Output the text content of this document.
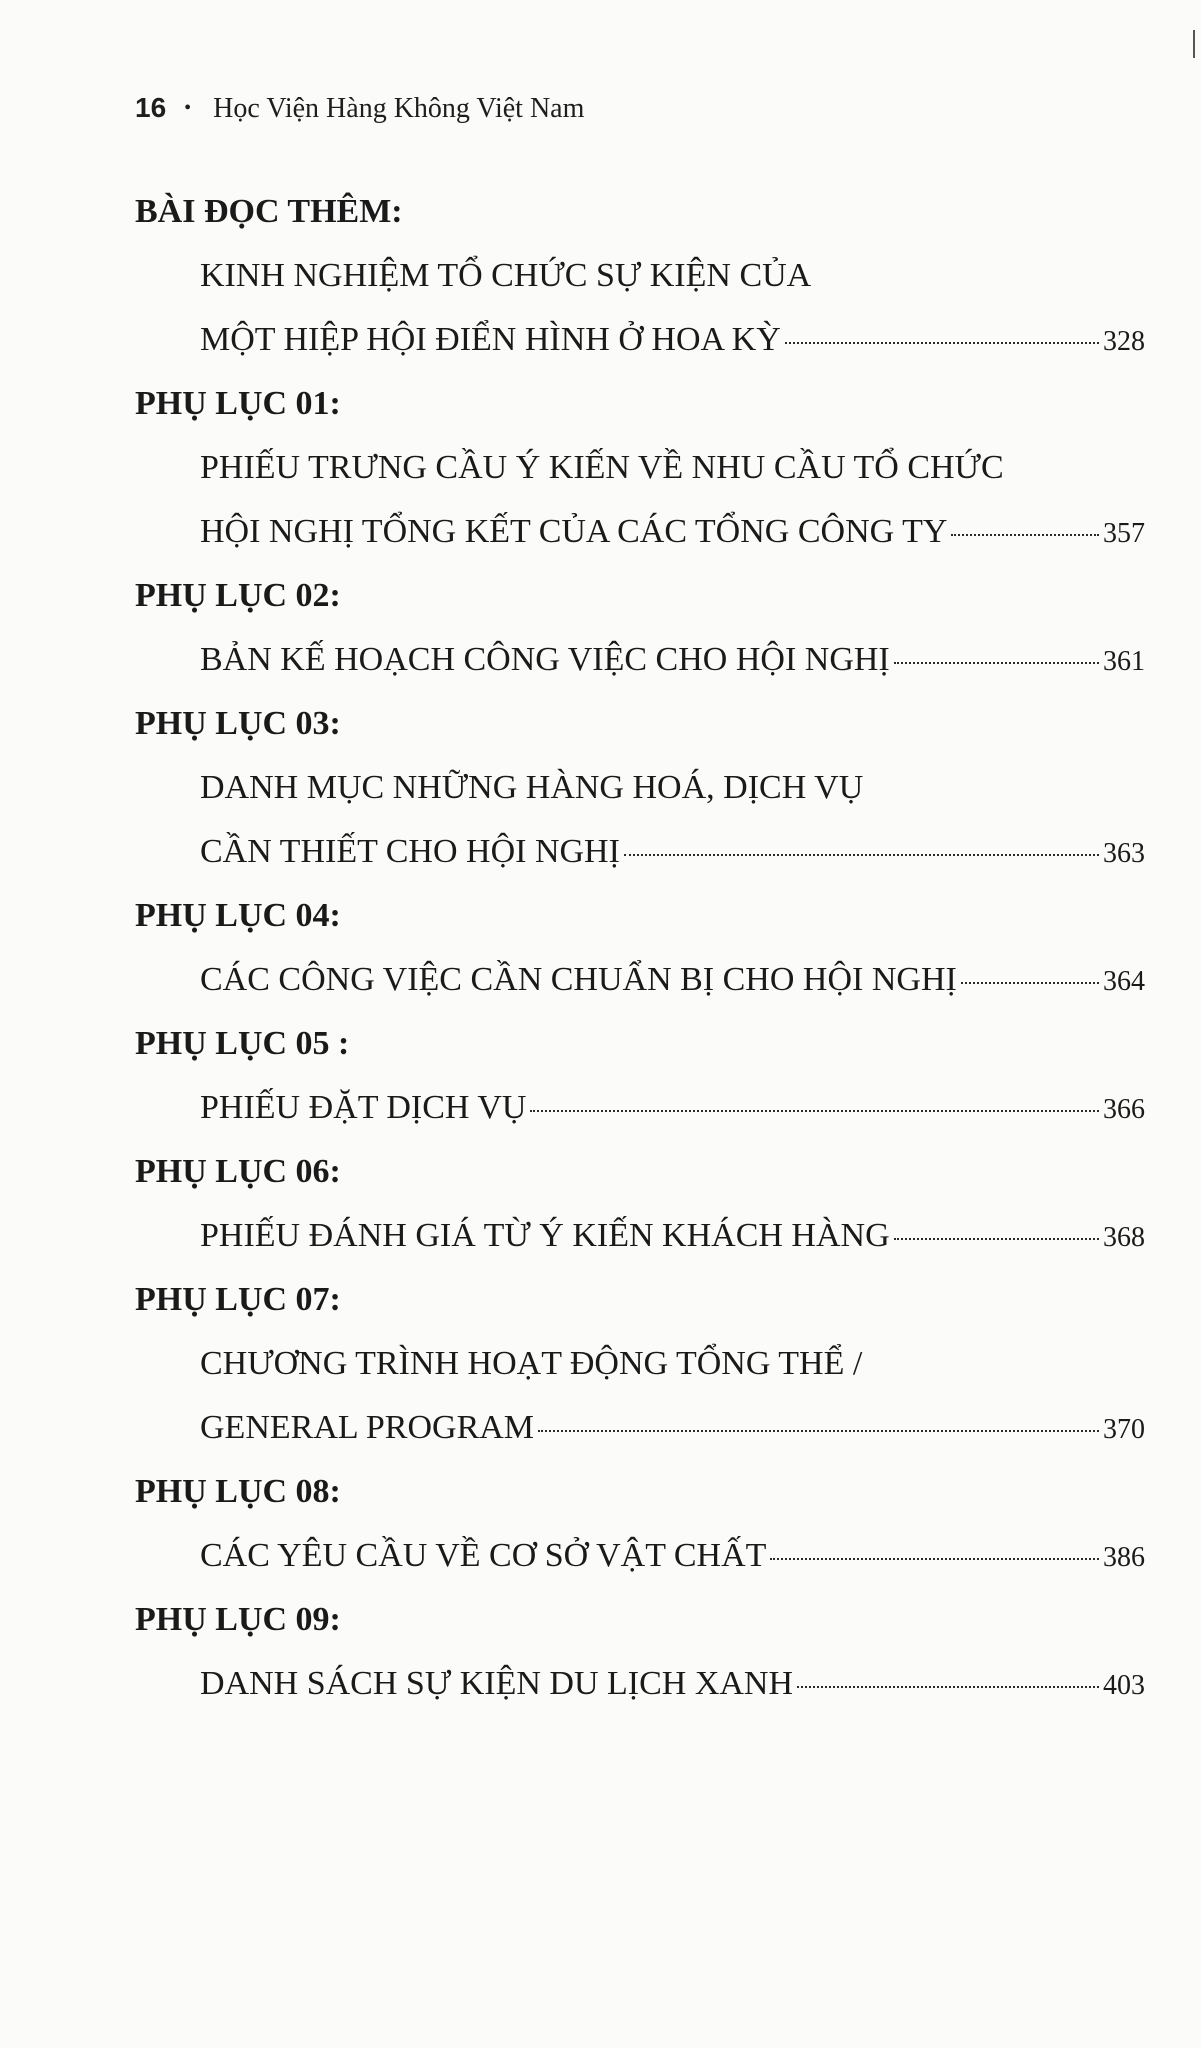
16 • Học Viện Hàng Không Việt Nam
BÀI ĐỌC THÊM:
KINH NGHIỆM TỔ CHỨC SỰ KIỆN CỦA
MỘT HIỆP HỘI ĐIỂN HÌNH Ở HOA KỲ	328
PHỤ LỤC 01:
PHIẾU TRƯNG CẦU Ý KIẾN VỀ NHU CẦU TỔ CHỨC
HỘI NGHỊ TỔNG KẾT CỦA CÁC TỔNG CÔNG TY	357
PHỤ LỤC 02:
BẢN KẾ HOẠCH CÔNG VIỆC CHO HỘI NGHỊ	361
PHỤ LỤC 03:
DANH MỤC NHỮNG HÀNG HOÁ, DỊCH VỤ
CẦN THIẾT CHO HỘI NGHỊ	363
PHỤ LỤC 04:
CÁC CÔNG VIỆC CẦN CHUẨN BỊ CHO HỘI NGHỊ	364
PHỤ LỤC 05 :
PHIẾU ĐẶT DỊCH VỤ	366
PHỤ LỤC 06:
PHIẾU ĐÁNH GIÁ TỪ Ý KIẾN KHÁCH HÀNG	368
PHỤ LỤC 07:
CHƯƠNG TRÌNH HOẠT ĐỘNG TỔNG THỂ /
GENERAL PROGRAM	370
PHỤ LỤC 08:
CÁC YÊU CẦU VỀ CƠ SỞ VẬT CHẤT	386
PHỤ LỤC 09:
DANH SÁCH SỰ KIỆN DU LỊCH XANH	403
